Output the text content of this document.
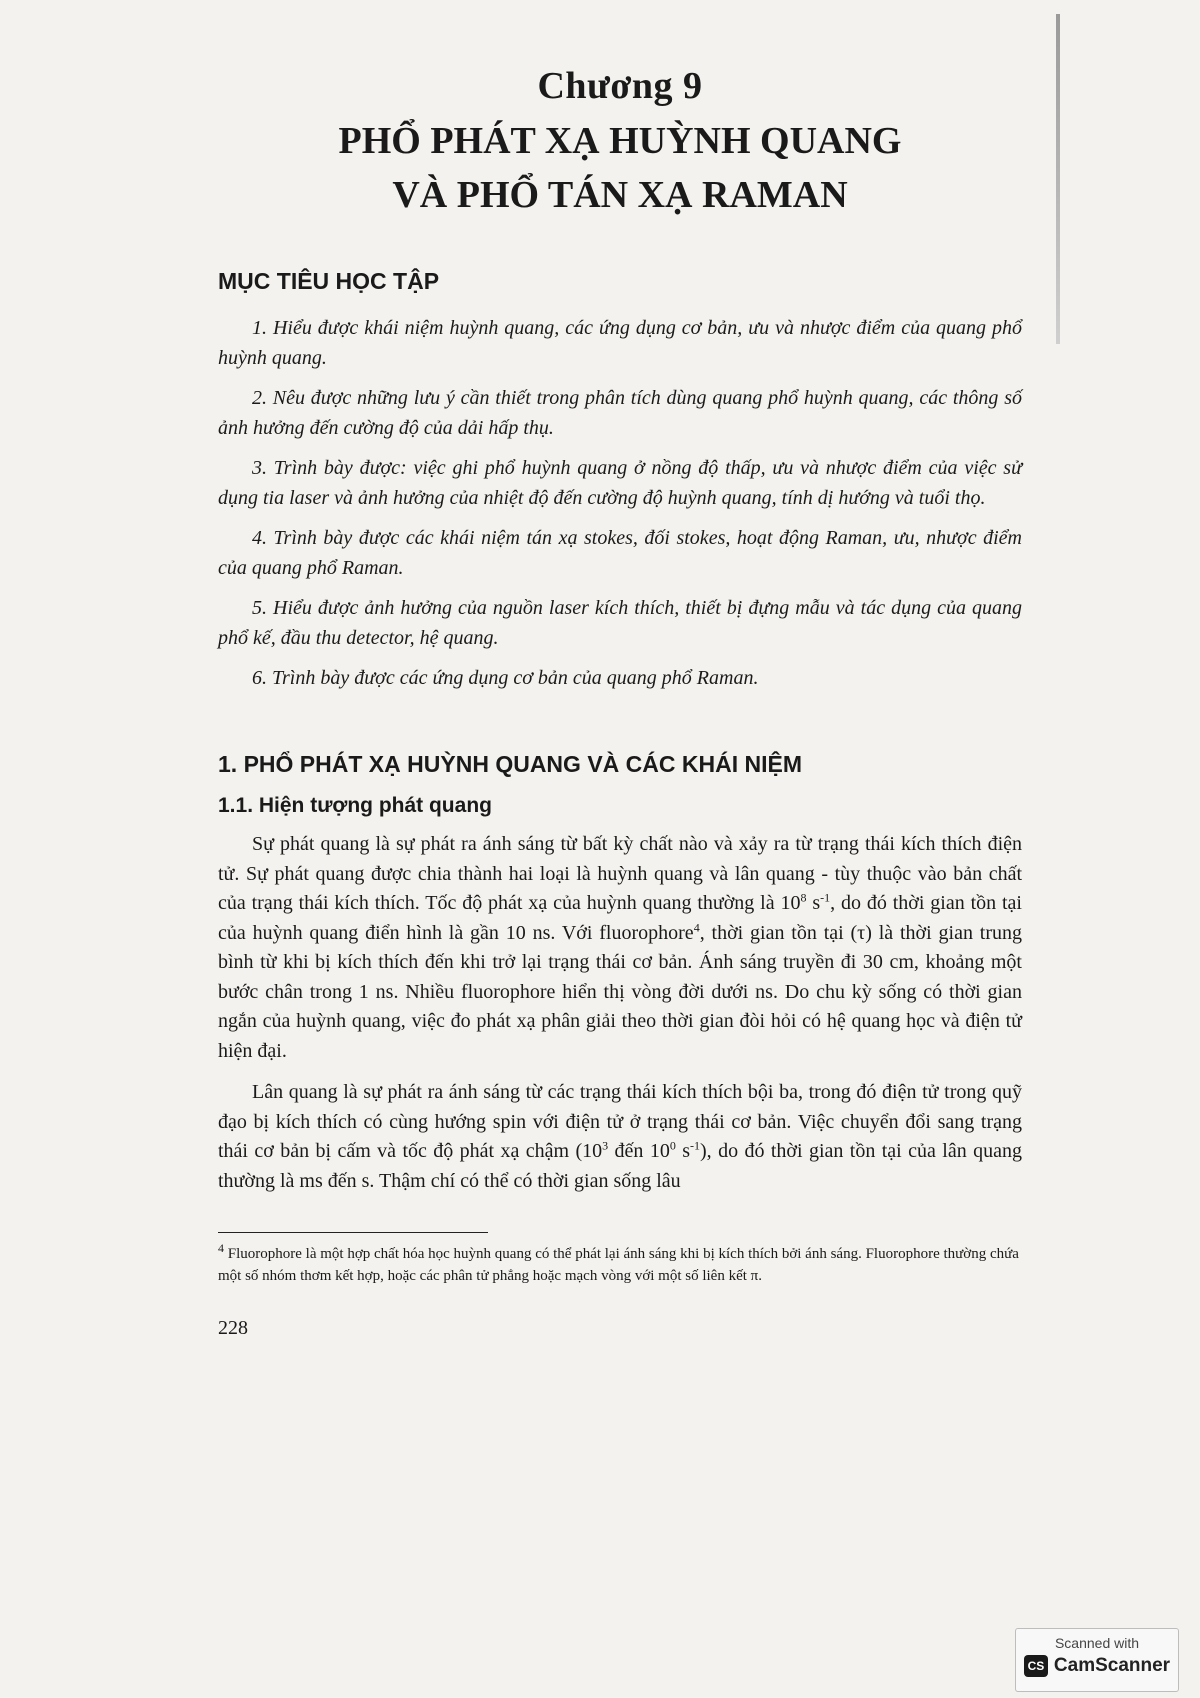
Chương 9
PHỔ PHÁT XẠ HUỲNH QUANG
VÀ PHỔ TÁN XẠ RAMAN
MỤC TIÊU HỌC TẬP

1. Hiểu được khái niệm huỳnh quang, các ứng dụng cơ bản, ưu và nhược điểm của quang phổ huỳnh quang.

2. Nêu được những lưu ý cần thiết trong phân tích dùng quang phổ huỳnh quang, các thông số ảnh hưởng đến cường độ của dải hấp thụ.

3. Trình bày được: việc ghi phổ huỳnh quang ở nồng độ thấp, ưu và nhược điểm của việc sử dụng tia laser và ảnh hưởng của nhiệt độ đến cường độ huỳnh quang, tính dị hướng và tuổi thọ.

4. Trình bày được các khái niệm tán xạ stokes, đối stokes, hoạt động Raman, ưu, nhược điểm của quang phổ Raman.

5. Hiểu được ảnh hưởng của nguồn laser kích thích, thiết bị đựng mẫu và tác dụng của quang phổ kế, đầu thu detector, hệ quang.

6. Trình bày được các ứng dụng cơ bản của quang phổ Raman.

1. PHỔ PHÁT XẠ HUỲNH QUANG VÀ CÁC KHÁI NIỆM
1.1. Hiện tượng phát quang

Sự phát quang là sự phát ra ánh sáng từ bất kỳ chất nào và xảy ra từ trạng thái kích thích điện tử. Sự phát quang được chia thành hai loại là huỳnh quang và lân quang - tùy thuộc vào bản chất của trạng thái kích thích. Tốc độ phát xạ của huỳnh quang thường là $10^8$ $s^{-1}$, do đó thời gian tồn tại của huỳnh quang điển hình là gần 10 ns. Với fluorophore$^4$, thời gian tồn tại (τ) là thời gian trung bình từ khi bị kích thích đến khi trở lại trạng thái cơ bản. Ánh sáng truyền đi 30 cm, khoảng một bước chân trong 1 ns. Nhiều fluorophore hiển thị vòng đời dưới ns. Do chu kỳ sống có thời gian ngắn của huỳnh quang, việc đo phát xạ phân giải theo thời gian đòi hỏi có hệ quang học và điện tử hiện đại.

Lân quang là sự phát ra ánh sáng từ các trạng thái kích thích bội ba, trong đó điện tử trong quỹ đạo bị kích thích có cùng hướng spin với điện tử ở trạng thái cơ bản. Việc chuyển đổi sang trạng thái cơ bản bị cấm và tốc độ phát xạ chậm ($10^3$ đến $10^0$ $s^{-1}$), do đó thời gian tồn tại của lân quang thường là ms đến s. Thậm chí có thể có thời gian sống lâu

$^4$ Fluorophore là một hợp chất hóa học huỳnh quang có thể phát lại ánh sáng khi bị kích thích bởi ánh sáng. Fluorophore thường chứa một số nhóm thơm kết hợp, hoặc các phân tử phẳng hoặc mạch vòng với một số liên kết π.

228
Scanned with
CS CamScanner
